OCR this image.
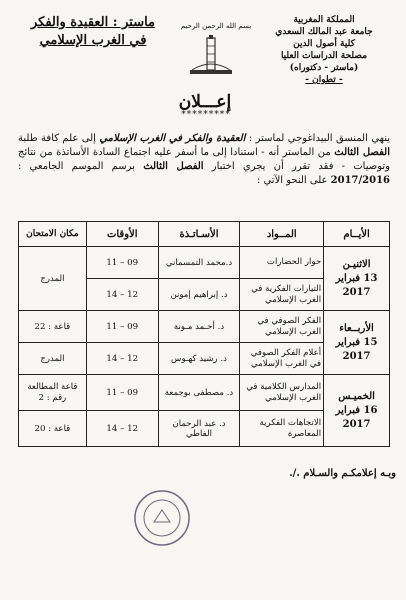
المملكة المغربية
جامعة عبد المالك السعدي
كلية أصول الدين
مصلحة الدراسات العليا
(ماستر - دكتوراه)
- تطوان -
ماستر : العقيدة والفكر
في الغرب الإسلامي
بسم الله الرحمن الرحيم
إعـــلان
*********
ينهي المنسق البيداغوجي لماستر : العقيدة والفكر في الغرب الإسلامي إلى علم كافة طلبة الفصل الثالث من الماستر أنه - استنادا إلى ما أسفر عليه اجتماع السادة الأساتذة من نتائج وتوصيات - فقد تقرر أن يجري اختبار الفصل الثالث برسم الموسم الجامعي : 2017/2016 على النحو الآتي :
الأيــام	المــواد	الأسـاتـذة	الأوقات	مكان الامتحان

الاثنيـن
13 فبراير 2017	حوار الحضارات	د.محمد التمسماني	09 – 11	المدرج
	التيارات الفكرية في الغرب الإسلامي	د. إبراهيم إمونن	12 – 14	

الأربــعاء
15 فبراير 2017	الفكر الصوفي في الغرب الإسلامي	د. أحـمد مـونة	09 – 11	قاعة : 22
	أعلام الفكر الصوفي في الغرب الإسلامي	د. رشيد كهـوس	12 – 14	المدرج

الخميـس
16 فبراير 2017	المدارس الكلامية في الغرب الإسلامي	د. مصطفى بوجمعة	09 – 11	قاعة المطالعة رقم : 2
	الاتجاهات الفكرية المعاصرة	د. عبد الرحمان الفاطي	12 – 14	قاعة : 20
وبـه إعلامكـم والسـلام ./.
